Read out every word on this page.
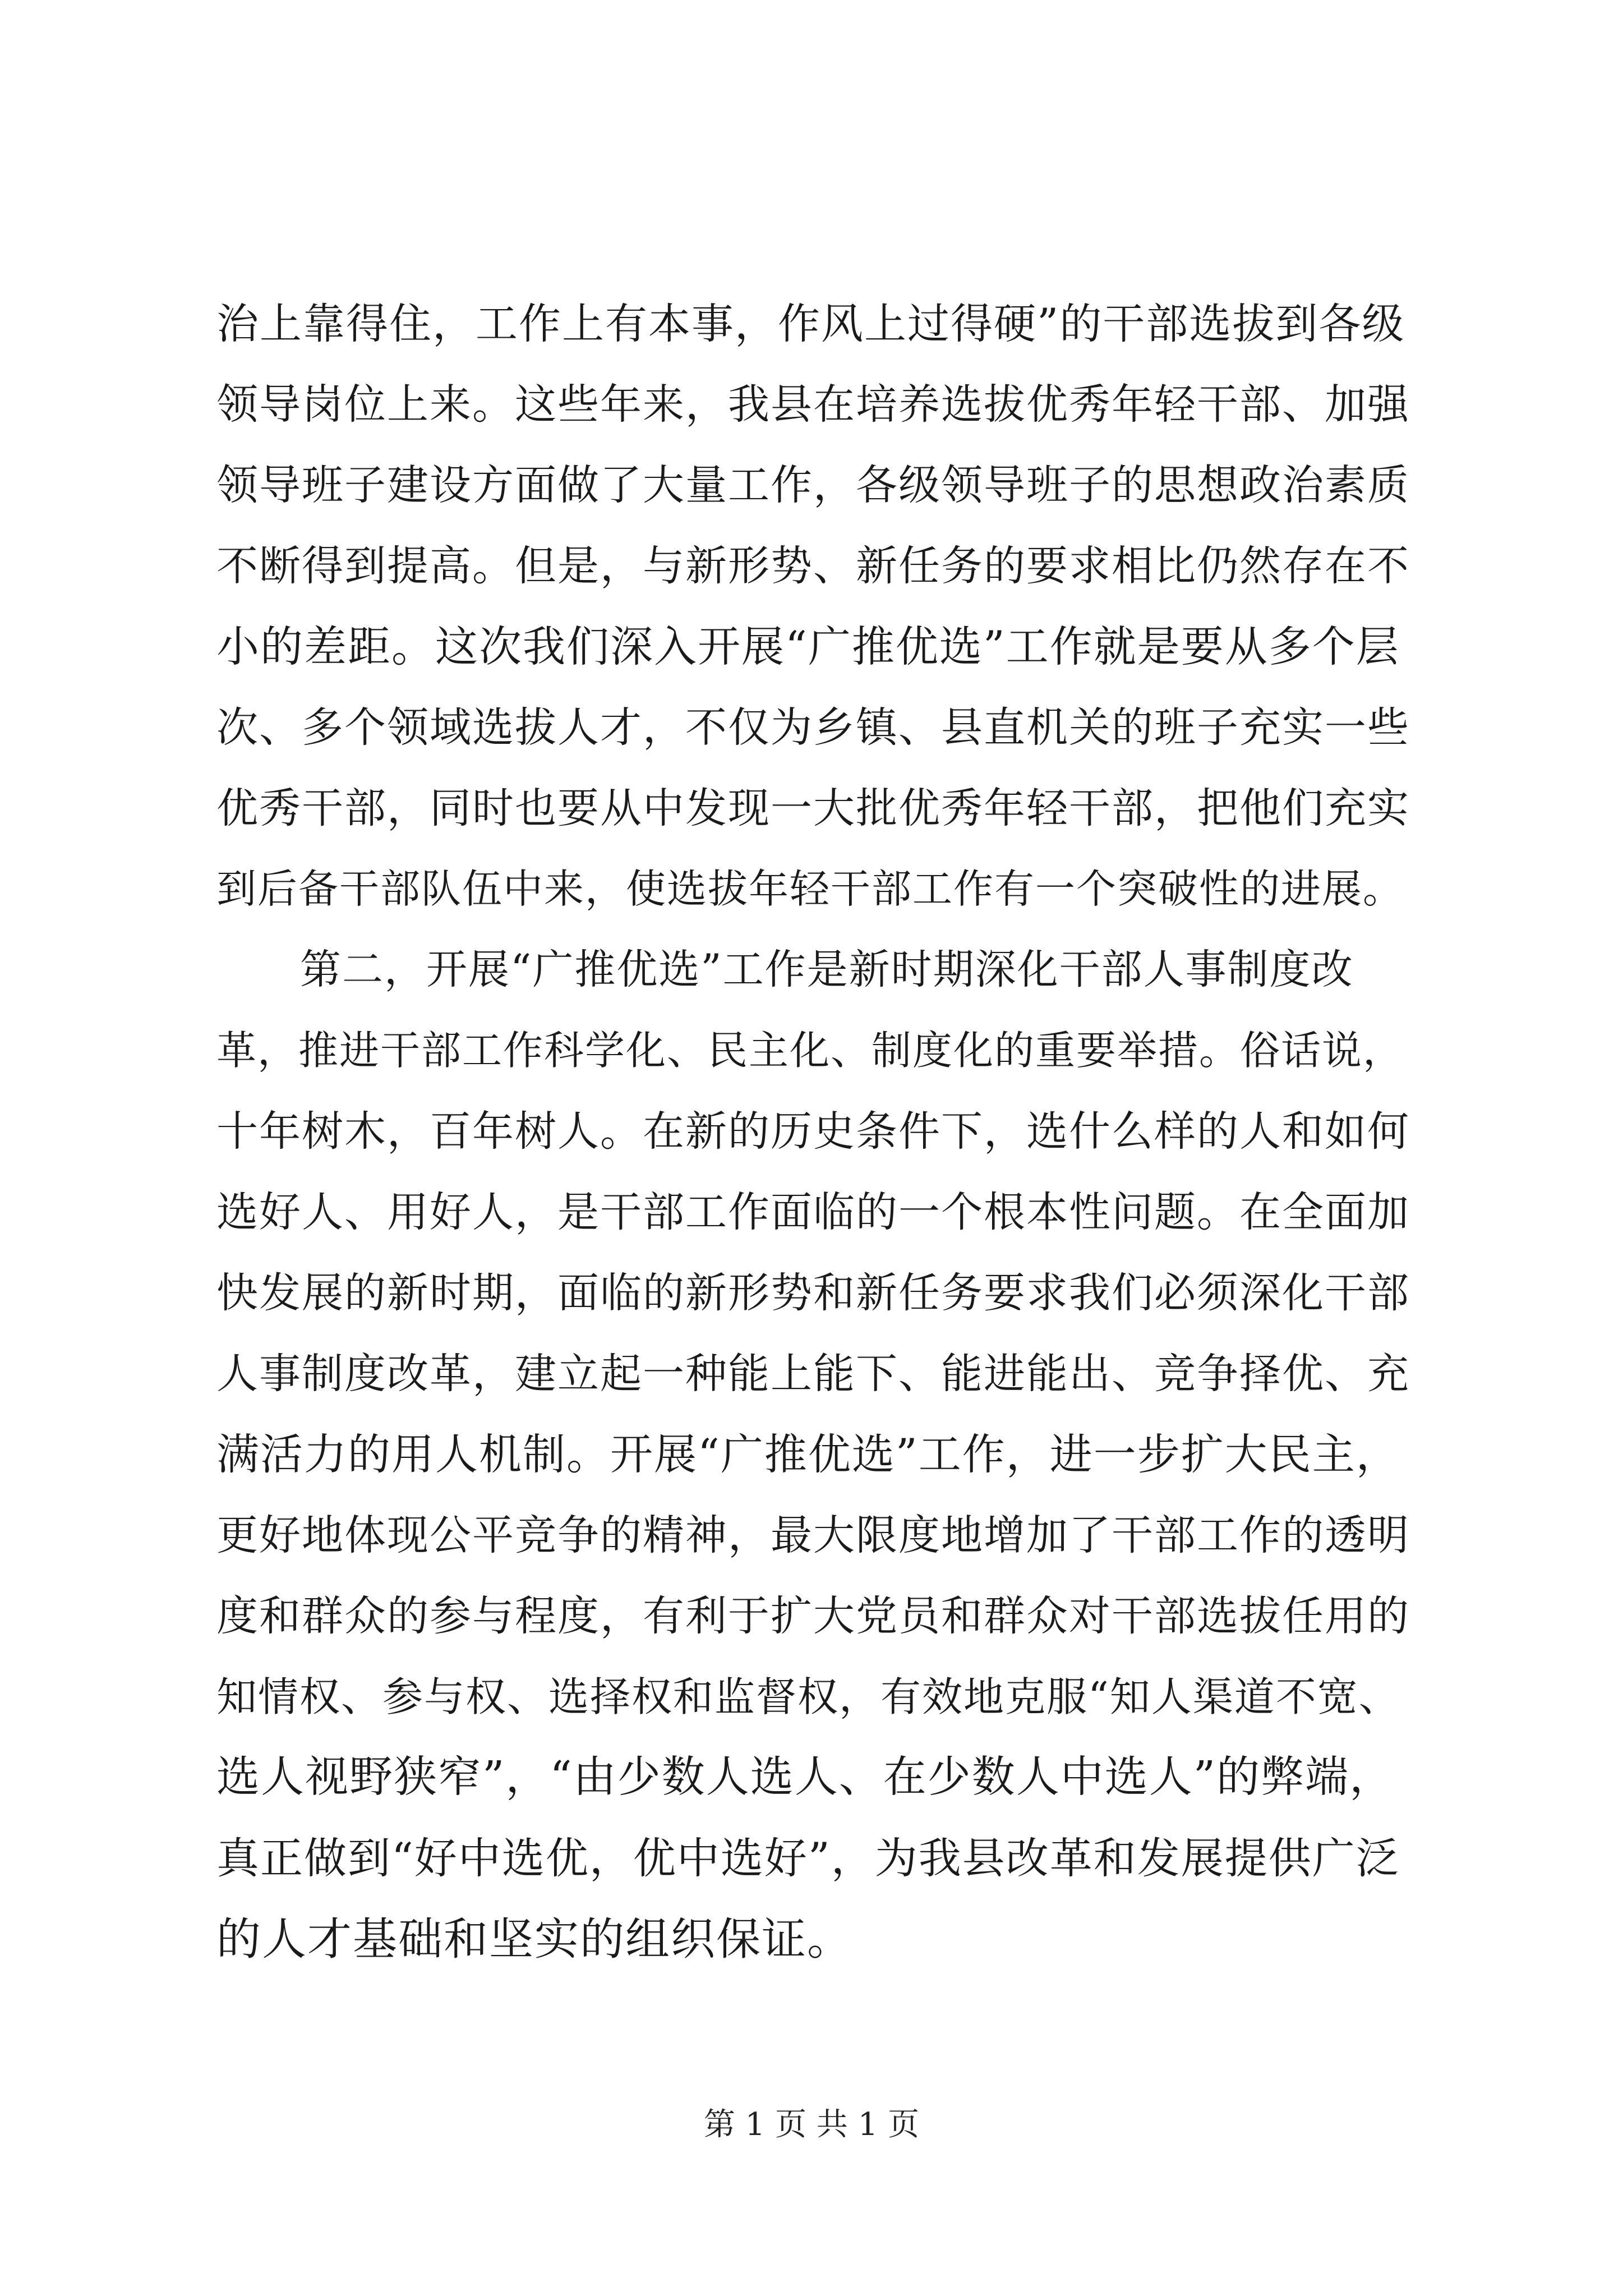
治上靠得住，工作上有本事，作风上过得硬”的干部选拔到各级
领导岗位上来。这些年来，我县在培养选拔优秀年轻干部、加强
领导班子建设方面做了大量工作，各级领导班子的思想政治素质
不断得到提高。但是，与新形势、新任务的要求相比仍然存在不
小的差距。这次我们深入开展“广推优选”工作就是要从多个层
次、多个领域选拔人才，不仅为乡镇、县直机关的班子充实一些
优秀干部，同时也要从中发现一大批优秀年轻干部，把他们充实
到后备干部队伍中来，使选拔年轻干部工作有一个突破性的进展。
第二，开展“广推优选”工作是新时期深化干部人事制度改
革，推进干部工作科学化、民主化、制度化的重要举措。俗话说，
十年树木，百年树人。在新的历史条件下，选什么样的人和如何
选好人、用好人，是干部工作面临的一个根本性问题。在全面加
快发展的新时期，面临的新形势和新任务要求我们必须深化干部
人事制度改革，建立起一种能上能下、能进能出、竞争择优、充
满活力的用人机制。开展“广推优选”工作，进一步扩大民主，
更好地体现公平竞争的精神，最大限度地增加了干部工作的透明
度和群众的参与程度，有利于扩大党员和群众对干部选拔任用的
知情权、参与权、选择权和监督权，有效地克服“知人渠道不宽、
选人视野狭窄”，“由少数人选人、在少数人中选人”的弊端，
真正做到“好中选优，优中选好”，为我县改革和发展提供广泛
的人才基础和坚实的组织保证。
第 1 页 共 1 页
